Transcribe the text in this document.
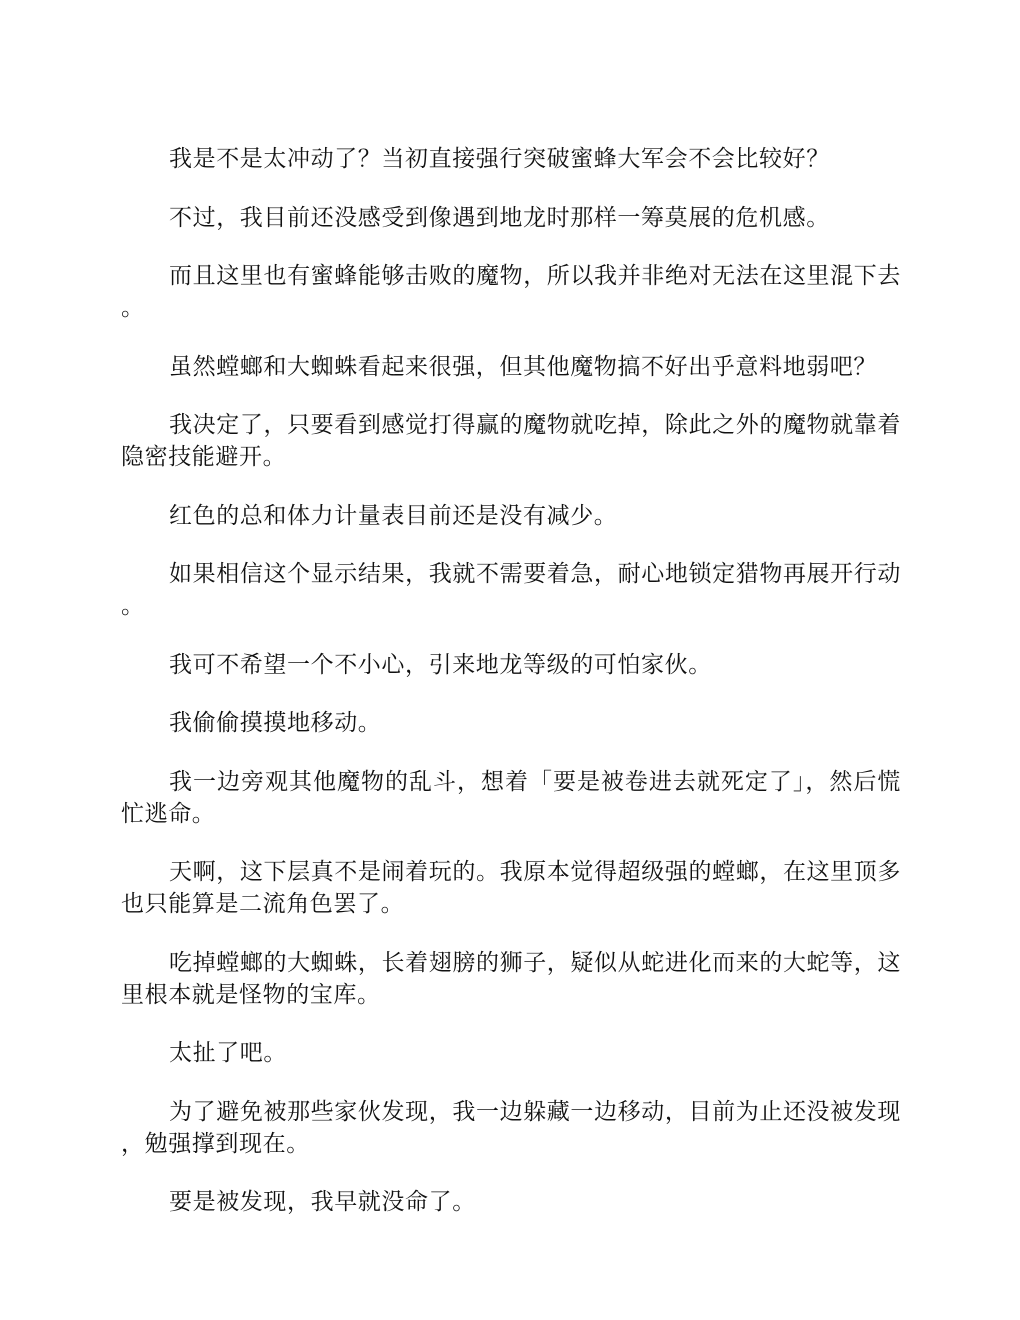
我是不是太冲动了？当初直接强行突破蜜蜂大军会不会比较好？

不过，我目前还没感受到像遇到地龙时那样一筹莫展的危机感。

而且这里也有蜜蜂能够击败的魔物，所以我并非绝对无法在这里混下去。

虽然螳螂和大蜘蛛看起来很强，但其他魔物搞不好出乎意料地弱吧？

我决定了，只要看到感觉打得赢的魔物就吃掉，除此之外的魔物就靠着隐密技能避开。

红色的总和体力计量表目前还是没有减少。

如果相信这个显示结果，我就不需要着急，耐心地锁定猎物再展开行动。

我可不希望一个不小心，引来地龙等级的可怕家伙。

我偷偷摸摸地移动。

我一边旁观其他魔物的乱斗，想着「要是被卷进去就死定了」，然后慌忙逃命。

天啊，这下层真不是闹着玩的。我原本觉得超级强的螳螂，在这里顶多也只能算是二流角色罢了。

吃掉螳螂的大蜘蛛，长着翅膀的狮子，疑似从蛇进化而来的大蛇等，这里根本就是怪物的宝库。

太扯了吧。

为了避免被那些家伙发现，我一边躲藏一边移动，目前为止还没被发现，勉强撑到现在。

要是被发现，我早就没命了。
